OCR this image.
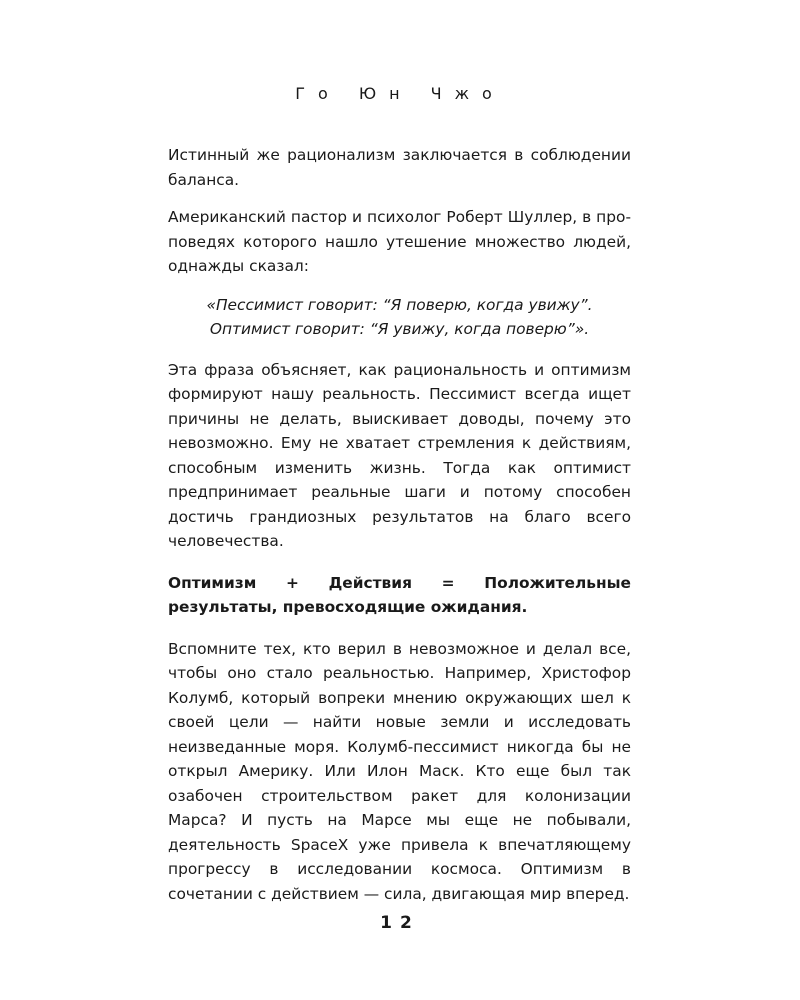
Го Юн Чжо

Истинный же рационализм заключается в соблюдении баланса.

Американский пастор и психолог Роберт Шуллер, в проповедях которого нашло утешение множество людей, однажды сказал:

«Пессимист говорит: “Я поверю, когда увижу”.
Оптимист говорит: “Я увижу, когда поверю”».

Эта фраза объясняет, как рациональность и оптимизм формируют нашу реальность. Пессимист всегда ищет причины не делать, выискивает доводы, почему это невозможно. Ему не хватает стремления к действиям, способным изменить жизнь. Тогда как оптимист предпринимает реальные шаги и потому способен достичь грандиозных результатов на благо всего человечества.

Оптимизм + Действия = Положительные результаты, превосходящие ожидания.

Вспомните тех, кто верил в невозможное и делал все, чтобы оно стало реальностью. Например, Христофор Колумб, который вопреки мнению окружающих шел к своей цели — найти новые земли и исследовать неизведанные моря. Колумб-пессимист никогда бы не открыл Америку. Или Илон Маск. Кто еще был так озабочен строительством ракет для колонизации Марса? И пусть на Марсе мы еще не побывали, деятельность SpaceX уже привела к впечатляющему прогрессу в исследовании космоса. Оптимизм в сочетании с действием — сила, двигающая мир вперед.

12
